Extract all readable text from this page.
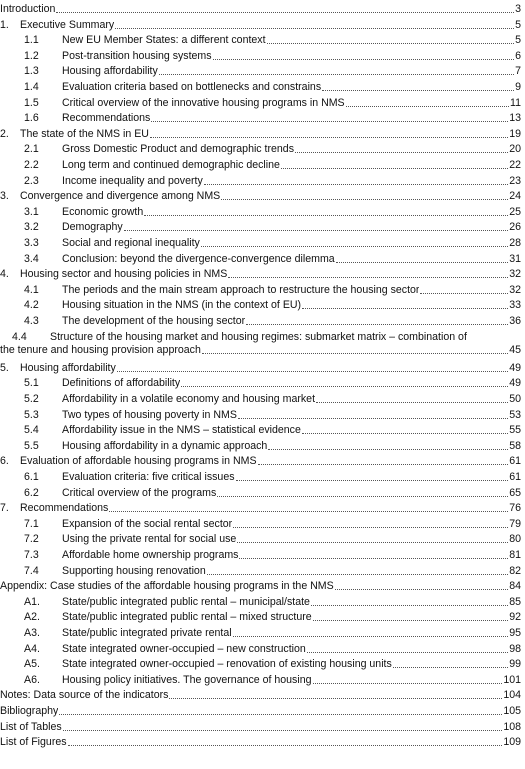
Introduction	3
1.	Executive Summary	5
1.1	New EU Member States: a different context	5
1.2	Post-transition housing systems	6
1.3	Housing affordability	7
1.4	Evaluation criteria based on bottlenecks and constrains	9
1.5	Critical overview of the innovative housing programs in NMS	11
1.6	Recommendations	13
2.	The state of the NMS in EU	19
2.1	Gross Domestic Product and demographic trends	20
2.2	Long term and continued demographic decline	22
2.3	Income inequality and poverty	23
3.	Convergence and divergence among NMS	24
3.1	Economic growth	25
3.2	Demography	26
3.3	Social and regional inequality	28
3.4	Conclusion: beyond the divergence-convergence dilemma	31
4.	Housing sector and housing policies in NMS	32
4.1	The periods and the main stream approach to restructure the housing sector	32
4.2	Housing situation in the NMS (in the context of EU)	33
4.3	The development of the housing sector	36
4.4 Structure of the housing market and housing regimes: submarket matrix – combination of
the tenure and housing provision approach	45
5.	Housing affordability	49
5.1	Definitions of affordability	49
5.2	Affordability in a volatile economy and housing market	50
5.3	Two types of housing poverty in NMS	53
5.4	Affordability issue in the NMS – statistical evidence	55
5.5	Housing affordability in a dynamic approach	58
6.	Evaluation of affordable housing programs in NMS	61
6.1	Evaluation criteria: five critical issues	61
6.2	Critical overview of the programs	65
7.	Recommendations	76
7.1	Expansion of the social rental sector	79
7.2	Using the private rental for social use	80
7.3	Affordable home ownership programs	81
7.4	Supporting housing renovation	82
Appendix: Case studies of the affordable housing programs in the NMS	84
A1.	State/public integrated public rental – municipal/state	85
A2.	State/public integrated public rental – mixed structure	92
A3.	State/public integrated private rental	95
A4.	State integrated owner-occupied – new construction	98
A5.	State integrated owner-occupied – renovation of existing housing units	99
A6.	Housing policy initiatives. The governance of housing	101
Notes: Data source of the indicators	104
Bibliography	105
List of Tables	108
List of Figures	109
